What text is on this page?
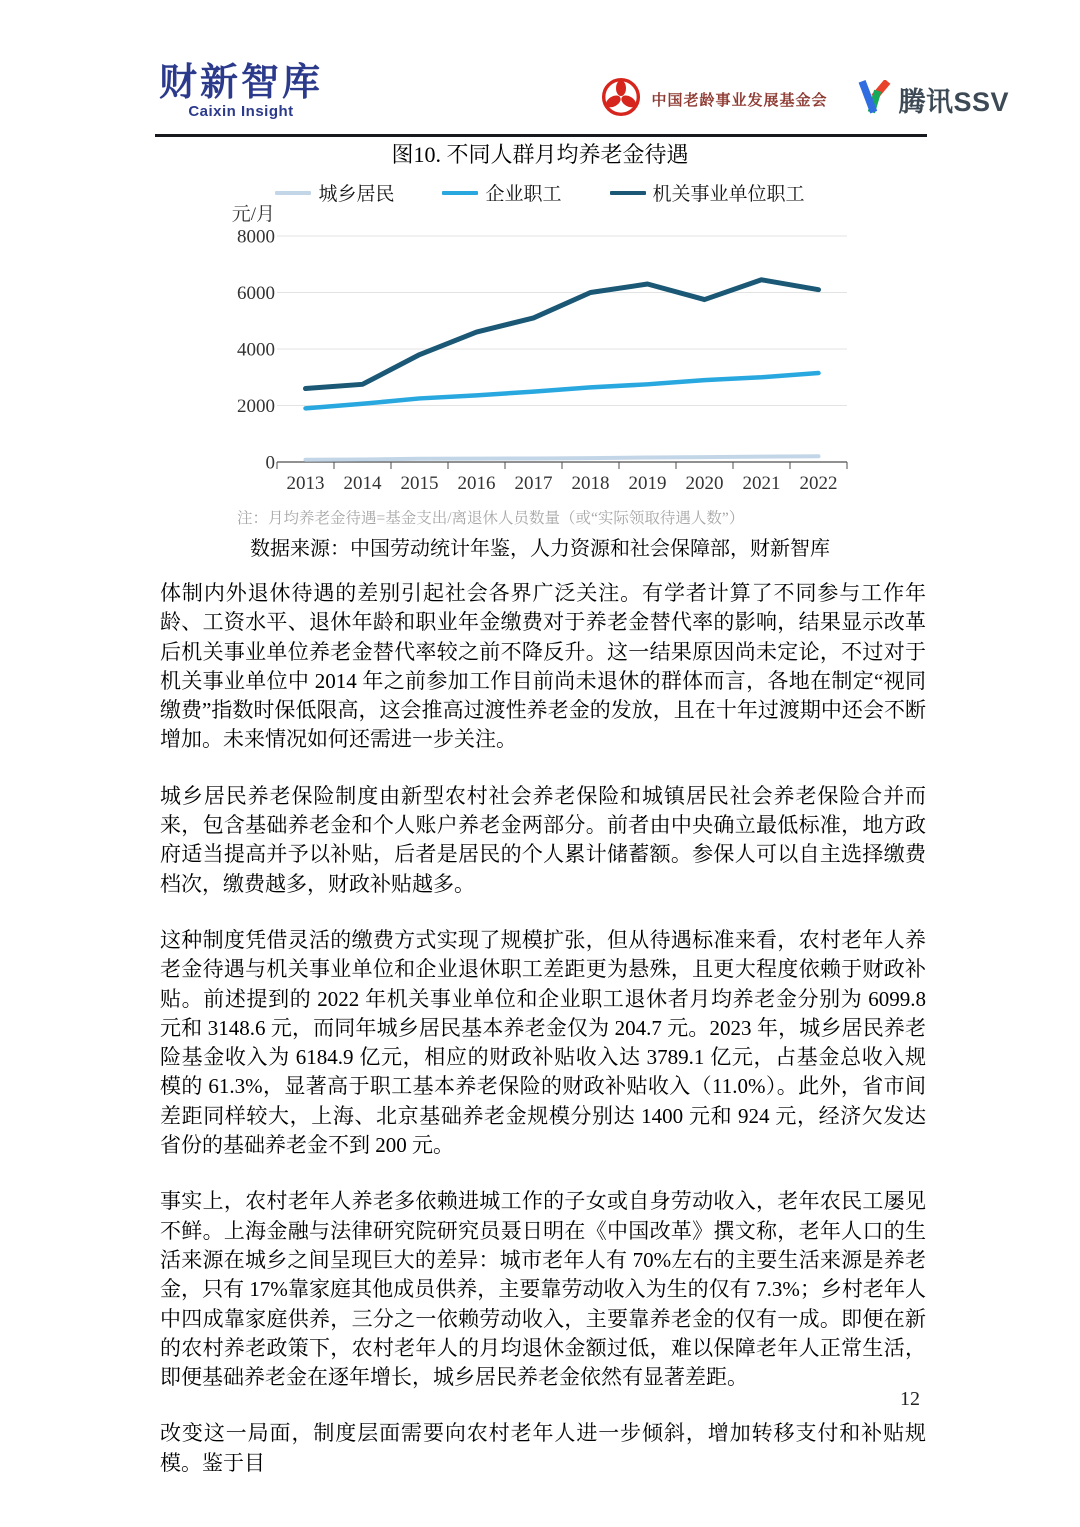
财新智库
Caixin Insight
中国老龄事业发展基金会	腾讯SSV
图10. 不同人群月均养老金待遇
城乡居民	企业职工	机关事业单位职工
元/月
0
2000
4000
6000
8000
2013 2014 2015 2016 2017 2018 2019 2020 2021 2022
注：月均养老金待遇=基金支出/离退休人员数量（或“实际领取待遇人数”）
数据来源：中国劳动统计年鉴，人力资源和社会保障部，财新智库

体制内外退休待遇的差别引起社会各界广泛关注。有学者计算了不同参与工作年龄、工资水平、退休年龄和职业年金缴费对于养老金替代率的影响，结果显示改革后机关事业单位养老金替代率较之前不降反升。这一结果原因尚未定论，不过对于机关事业单位中 2014 年之前参加工作目前尚未退休的群体而言，各地在制定“视同缴费”指数时保低限高，这会推高过渡性养老金的发放，且在十年过渡期中还会不断增加。未来情况如何还需进一步关注。

城乡居民养老保险制度由新型农村社会养老保险和城镇居民社会养老保险合并而来，包含基础养老金和个人账户养老金两部分。前者由中央确立最低标准，地方政府适当提高并予以补贴，后者是居民的个人累计储蓄额。参保人可以自主选择缴费档次，缴费越多，财政补贴越多。

这种制度凭借灵活的缴费方式实现了规模扩张，但从待遇标准来看，农村老年人养老金待遇与机关事业单位和企业退休职工差距更为悬殊，且更大程度依赖于财政补贴。前述提到的 2022 年机关事业单位和企业职工退休者月均养老金分别为 6099.8 元和 3148.6 元，而同年城乡居民基本养老金仅为 204.7 元。2023 年，城乡居民养老险基金收入为 6184.9 亿元，相应的财政补贴收入达 3789.1 亿元，占基金总收入规模的 61.3%，显著高于职工基本养老保险的财政补贴收入（11.0%）。此外，省市间差距同样较大，上海、北京基础养老金规模分别达 1400 元和 924 元，经济欠发达省份的基础养老金不到 200 元。

事实上，农村老年人养老多依赖进城工作的子女或自身劳动收入，老年农民工屡见不鲜。上海金融与法律研究院研究员聂日明在《中国改革》撰文称，老年人口的生活来源在城乡之间呈现巨大的差异：城市老年人有 70%左右的主要生活来源是养老金，只有 17%靠家庭其他成员供养，主要靠劳动收入为生的仅有 7.3%；乡村老年人中四成靠家庭供养，三分之一依赖劳动收入，主要靠养老金的仅有一成。即便在新的农村养老政策下，农村老年人的月均退休金额过低，难以保障老年人正常生活，即便基础养老金在逐年增长，城乡居民养老金依然有显著差距。

改变这一局面，制度层面需要向农村老年人进一步倾斜，增加转移支付和补贴规模。鉴于目

12
